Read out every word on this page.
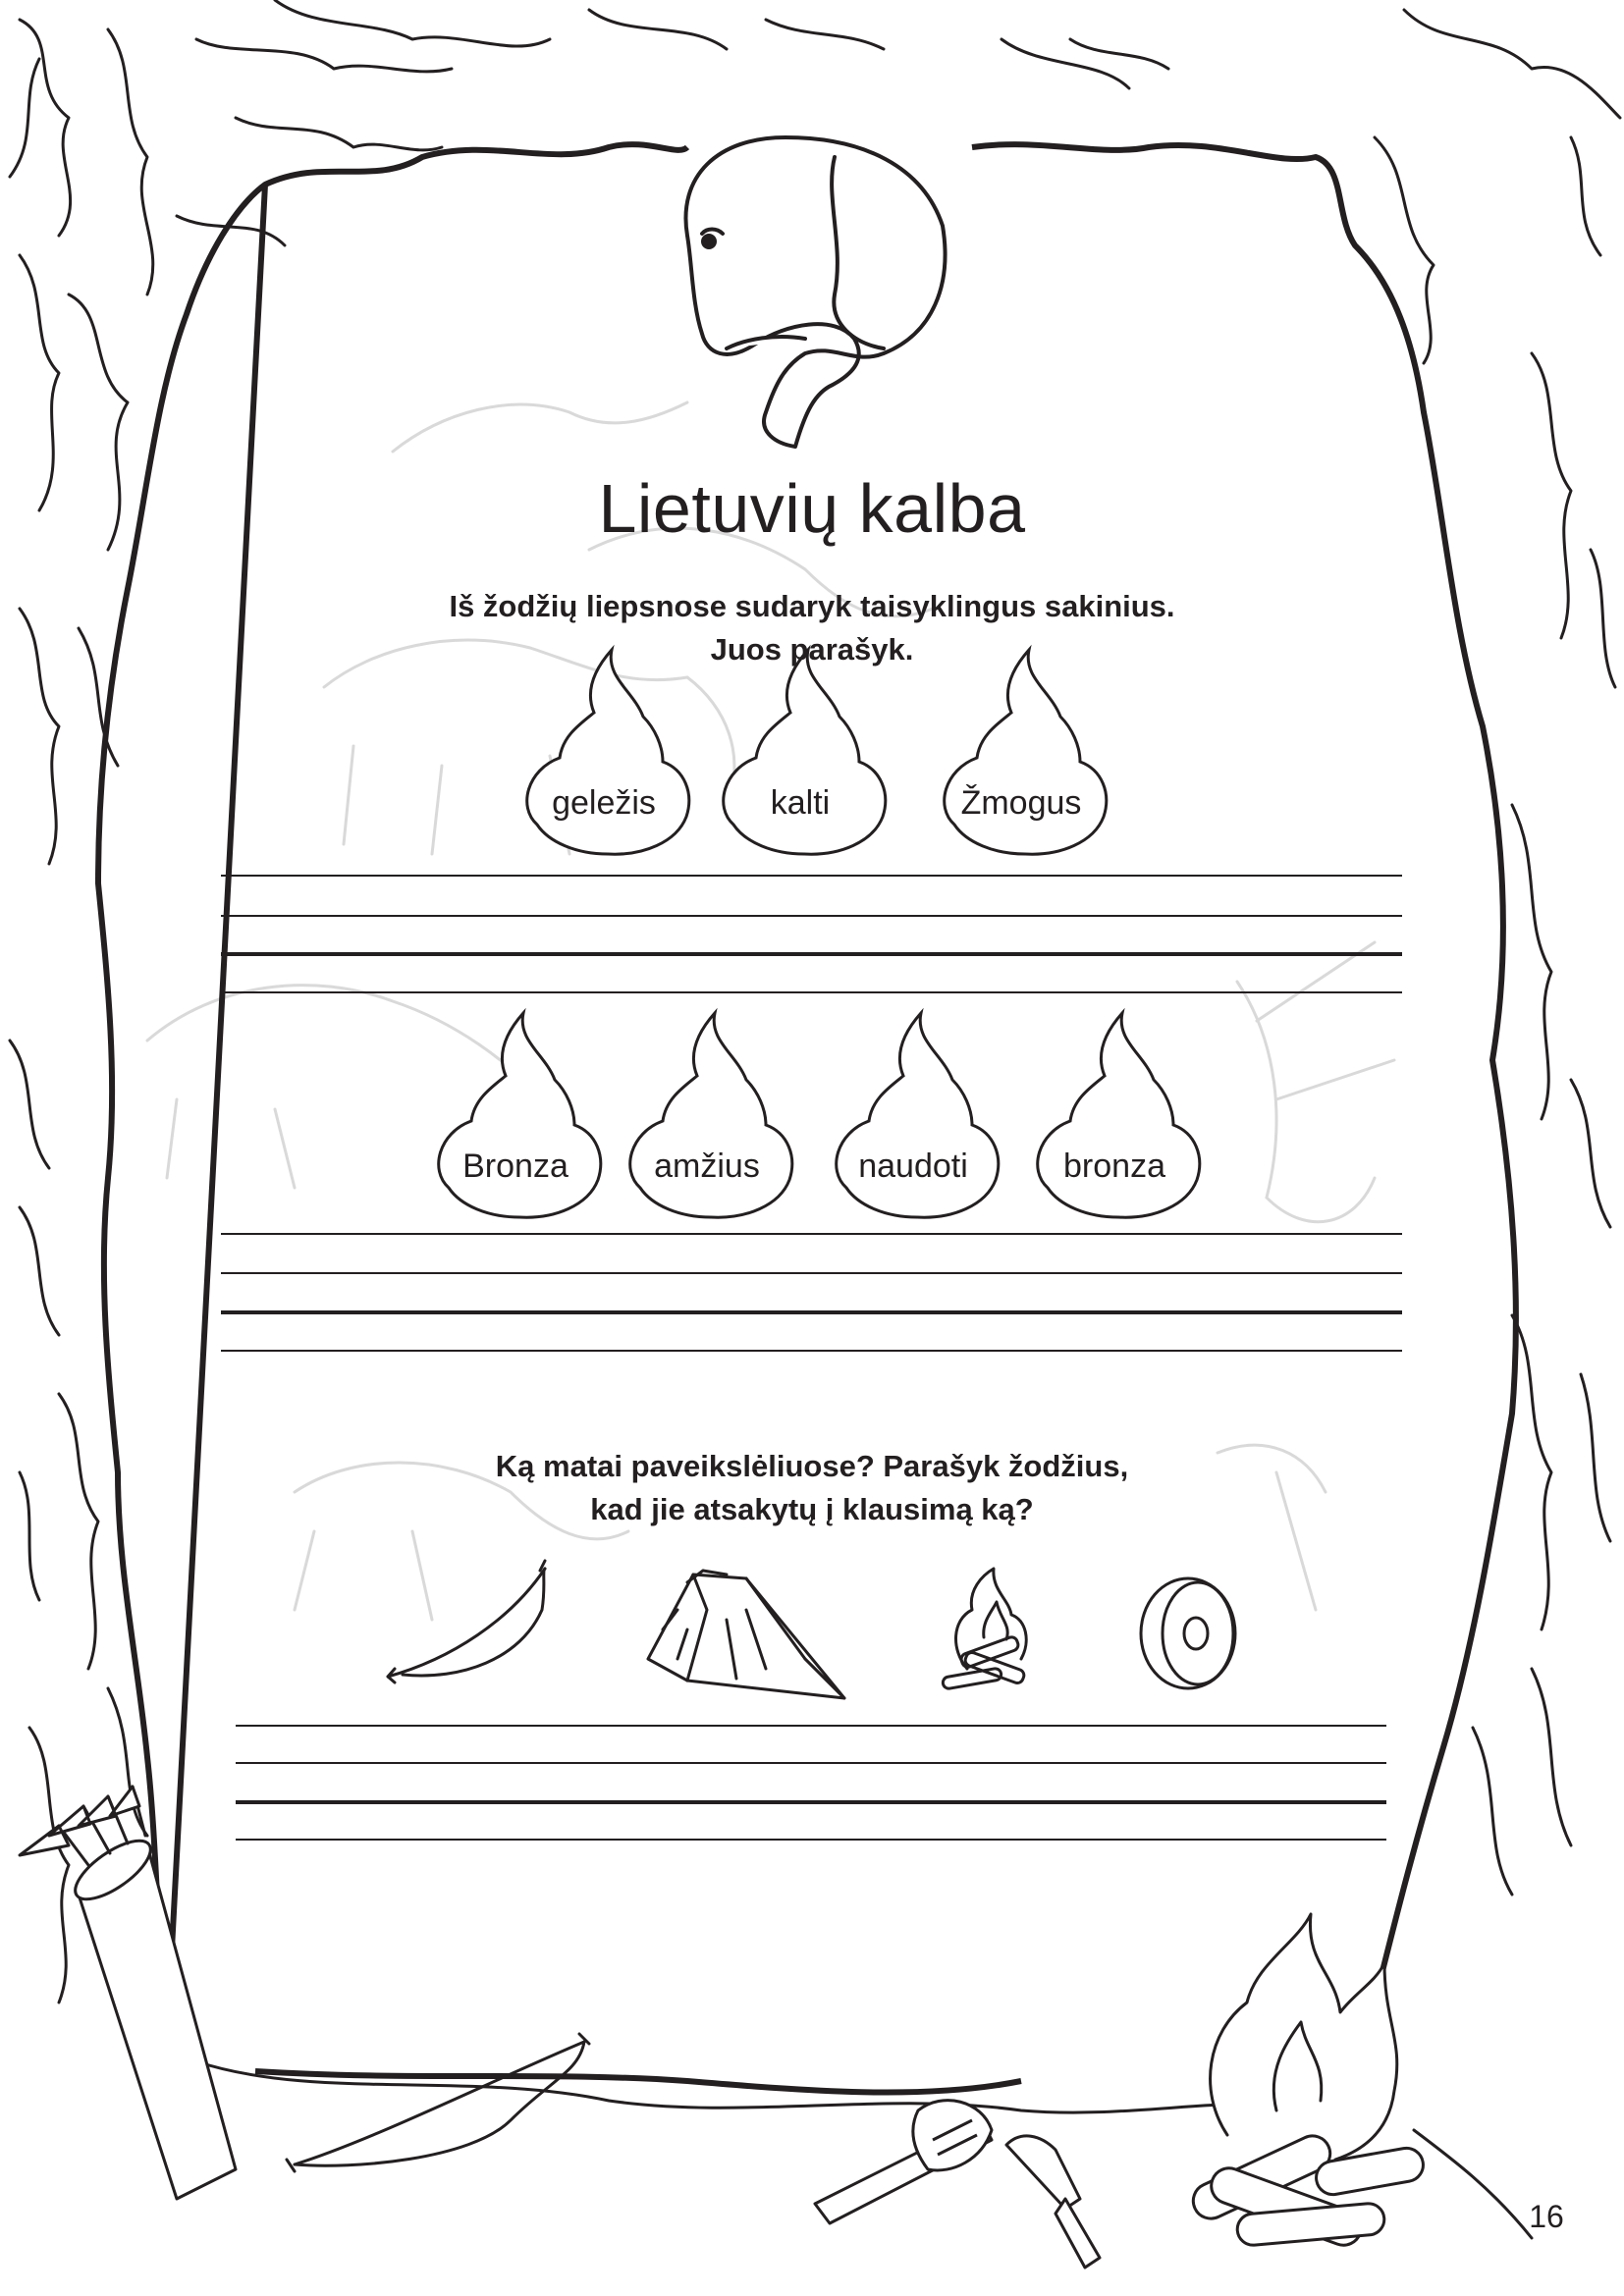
Lietuvių kalba
Iš žodžių liepsnose sudaryk taisyklingus sakinius.
Juos parašyk.
geležis	kalti	Žmogus
Bronza	amžius	naudoti	bronza
Ką matai paveikslėliuose? Parašyk žodžius,
kad jie atsakytų į klausimą ką?
16
